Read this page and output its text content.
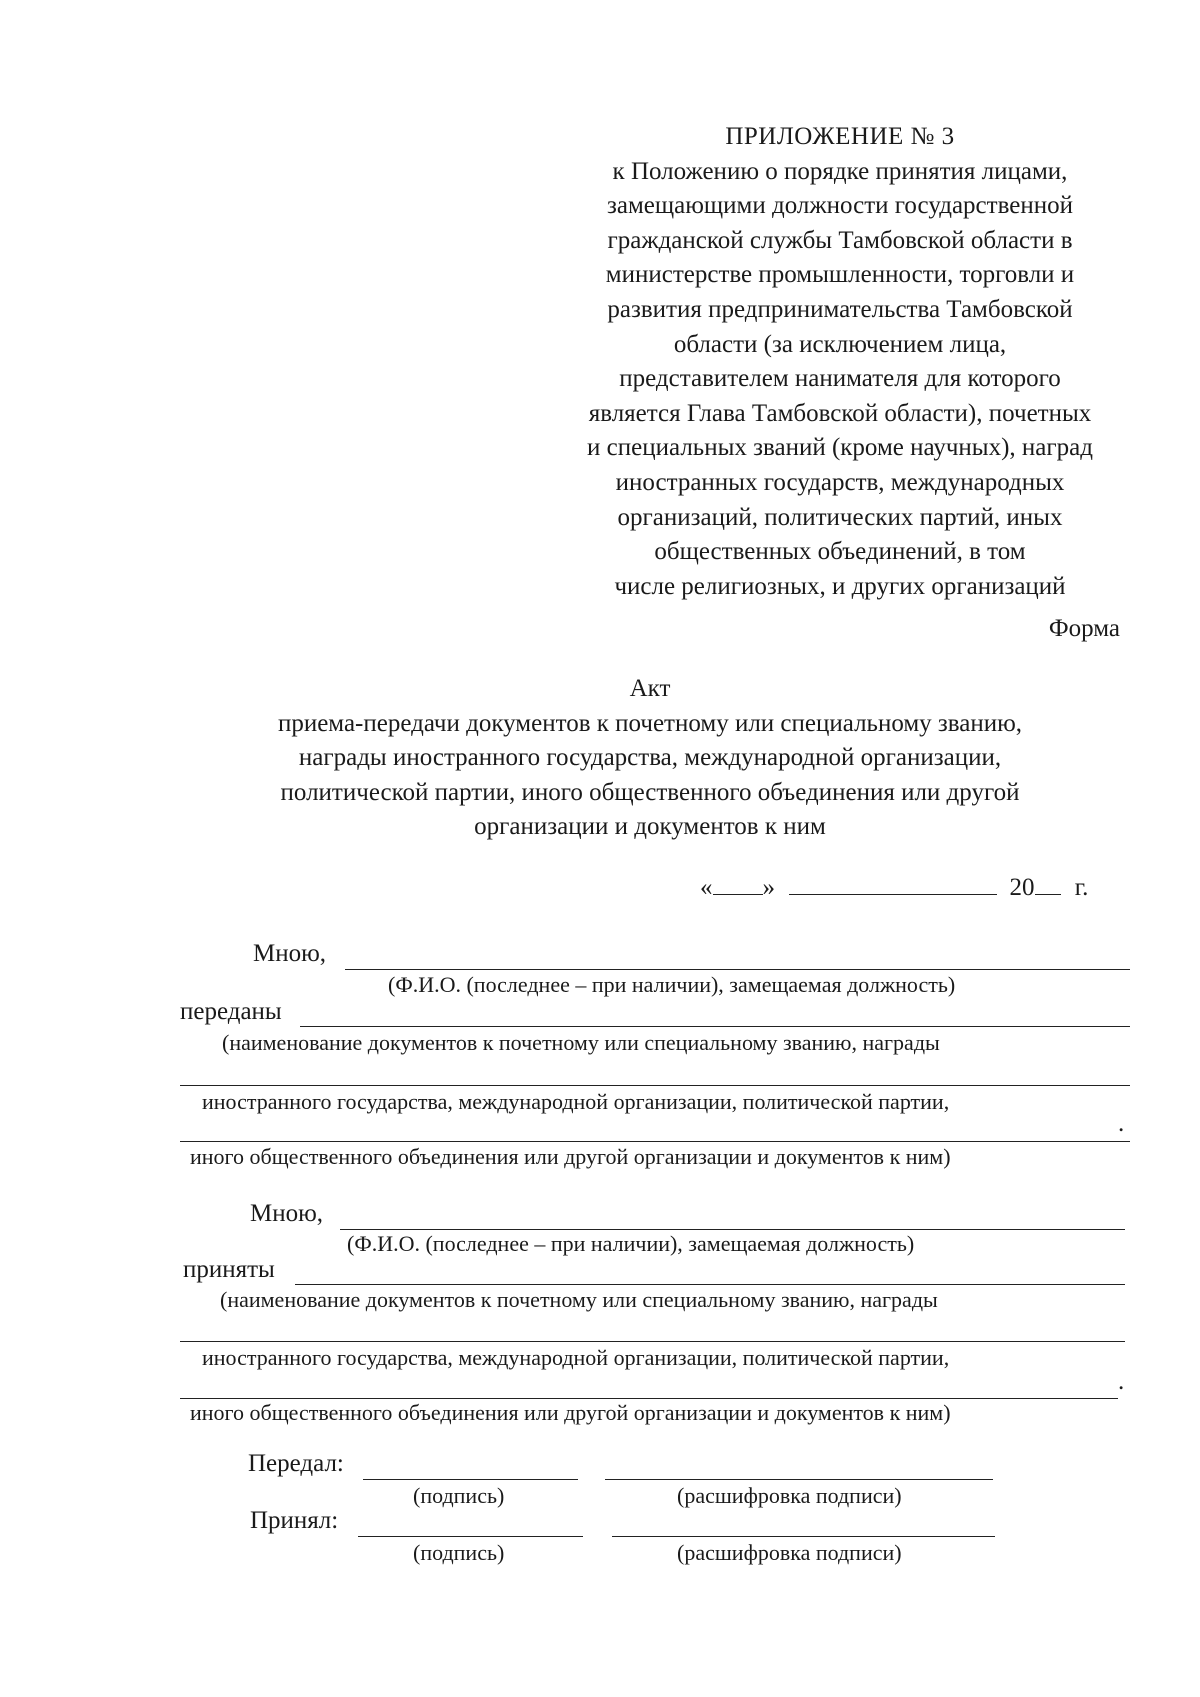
ПРИЛОЖЕНИЕ № 3
к Положению о порядке принятия лицами,
замещающими должности государственной
гражданской службы Тамбовской области в
министерстве промышленности, торговли и
развития предпринимательства Тамбовской
области (за исключением лица,
представителем нанимателя для которого
является Глава Тамбовской области), почетных
и специальных званий (кроме научных), наград
иностранных государств, международных
организаций, политических партий, иных
общественных объединений, в том
числе религиозных, и других организаций
Форма
Акт
приема-передачи документов к почетному или специальному званию,
награды иностранного государства, международной организации,
политической партии, иного общественного объединения или другой
организации и документов к ним
« »	20 г.
Мною,
(Ф.И.О. (последнее – при наличии), замещаемая должность)
переданы
(наименование документов к почетному или специальному званию, награды
иностранного государства, международной организации, политической партии,
.
иного общественного объединения или другой организации и документов к ним)
Мною,
(Ф.И.О. (последнее – при наличии), замещаемая должность)
приняты
(наименование документов к почетному или специальному званию, награды
иностранного государства, международной организации, политической партии,
.
иного общественного объединения или другой организации и документов к ним)
Передал:
(подпись)	(расшифровка подписи)
Принял:
(подпись)	(расшифровка подписи)
